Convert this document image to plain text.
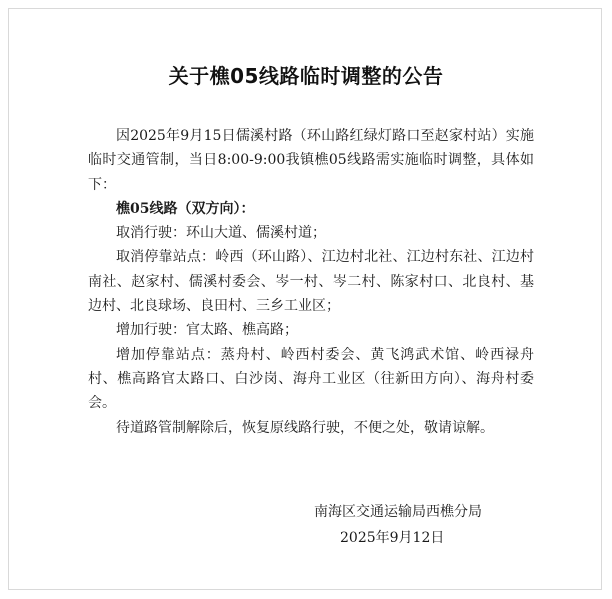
关于樵05线路临时调整的公告

因2025年9月15日儒溪村路（环山路红绿灯路口至赵家村站）实施临时交通管制，当日8:00-9:00我镇樵05线路需实施临时调整，具体如下：

樵05线路（双方向）：

取消行驶：环山大道、儒溪村道；

取消停靠站点：岭西（环山路）、江边村北社、江边村东社、江边村南社、赵家村、儒溪村委会、岑一村、岑二村、陈家村口、北良村、基边村、北良球场、良田村、三乡工业区；

增加行驶：官太路、樵高路；

增加停靠站点：蒸舟村、岭西村委会、黄飞鸿武术馆、岭西禄舟村、樵高路官太路口、白沙岗、海舟工业区（往新田方向）、海舟村委会。

待道路管制解除后，恢复原线路行驶，不便之处，敬请谅解。

南海区交通运输局西樵分局
2025年9月12日
